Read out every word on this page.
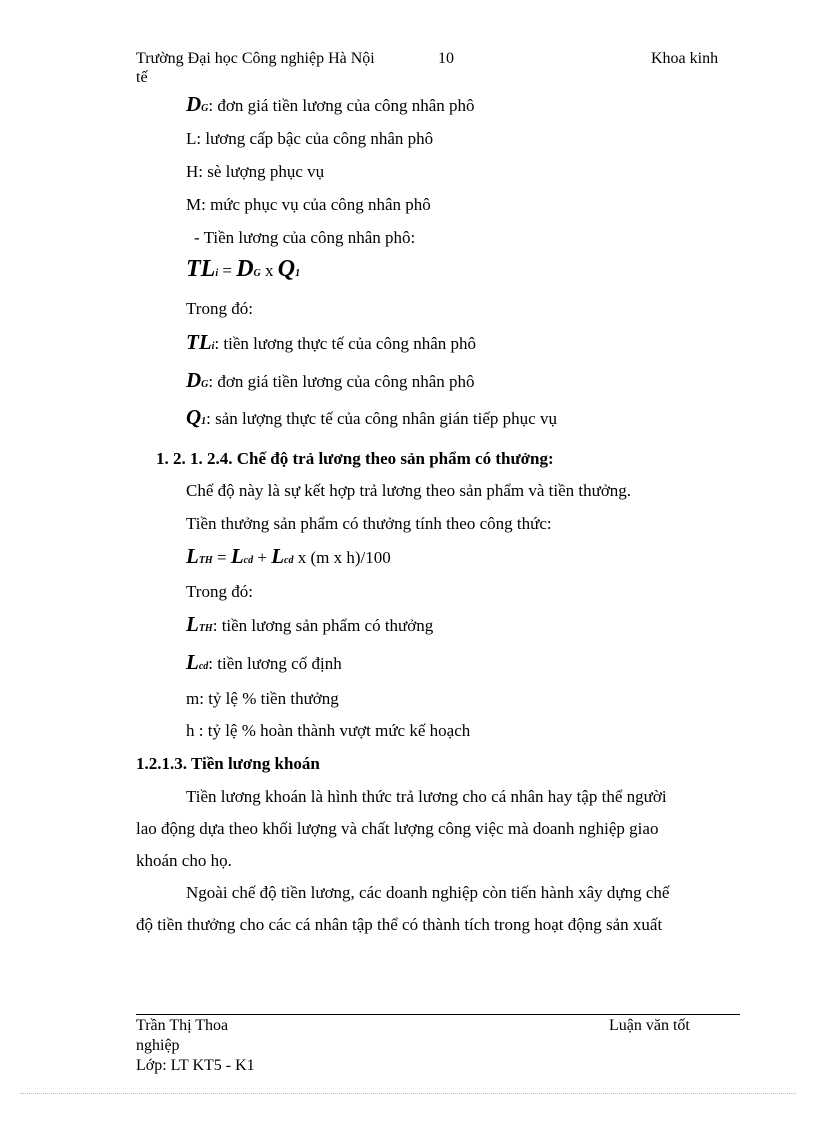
Trường Đại học Công nghiệp Hà Nội	10	Khoa kinh
tế
DG: đơn giá tiền lương của công nhân phô
L: lương cấp bậc của công nhân phô
H: sè lượng phục vụ
M: mức phục vụ của công nhân phô
- Tiền lương của công nhân phô:
TLi = DG x Q1
Trong đó:
TLi: tiền lương thực tế của công nhân phô
DG: đơn giá tiền lương của công nhân phô
Q1: sản lượng thực tế của công nhân gián tiếp phục vụ
1. 2. 1. 2.4. Chế độ trả lương theo sản phẩm có thưởng:
Chế độ này là sự kết hợp trả lương theo sản phẩm và tiền thưởng.
Tiền thưởng sản phẩm có thưởng tính theo công thức:
LTH = Lcd + Lcd x (m x h)/100
Trong đó:
LTH: tiền lương sản phẩm có thưởng
Lcd: tiền lương cố định
m: tỷ lệ % tiền thưởng
h : tỷ lệ % hoàn thành vượt mức kế hoạch
1.2.1.3. Tiền lương khoán
Tiền lương khoán là hình thức trả lương cho cá nhân hay tập thể người
lao động dựa theo khối lượng và chất lượng công việc mà doanh nghiệp giao
khoán cho họ.
Ngoài chế độ tiền lương, các doanh nghiệp còn tiến hành xây dựng chế
độ tiền thưởng cho các cá nhân tập thể có thành tích trong hoạt động sản xuất
Trần Thị Thoa	Luận văn tốt
nghiệp
Lớp: LT KT5 - K1
